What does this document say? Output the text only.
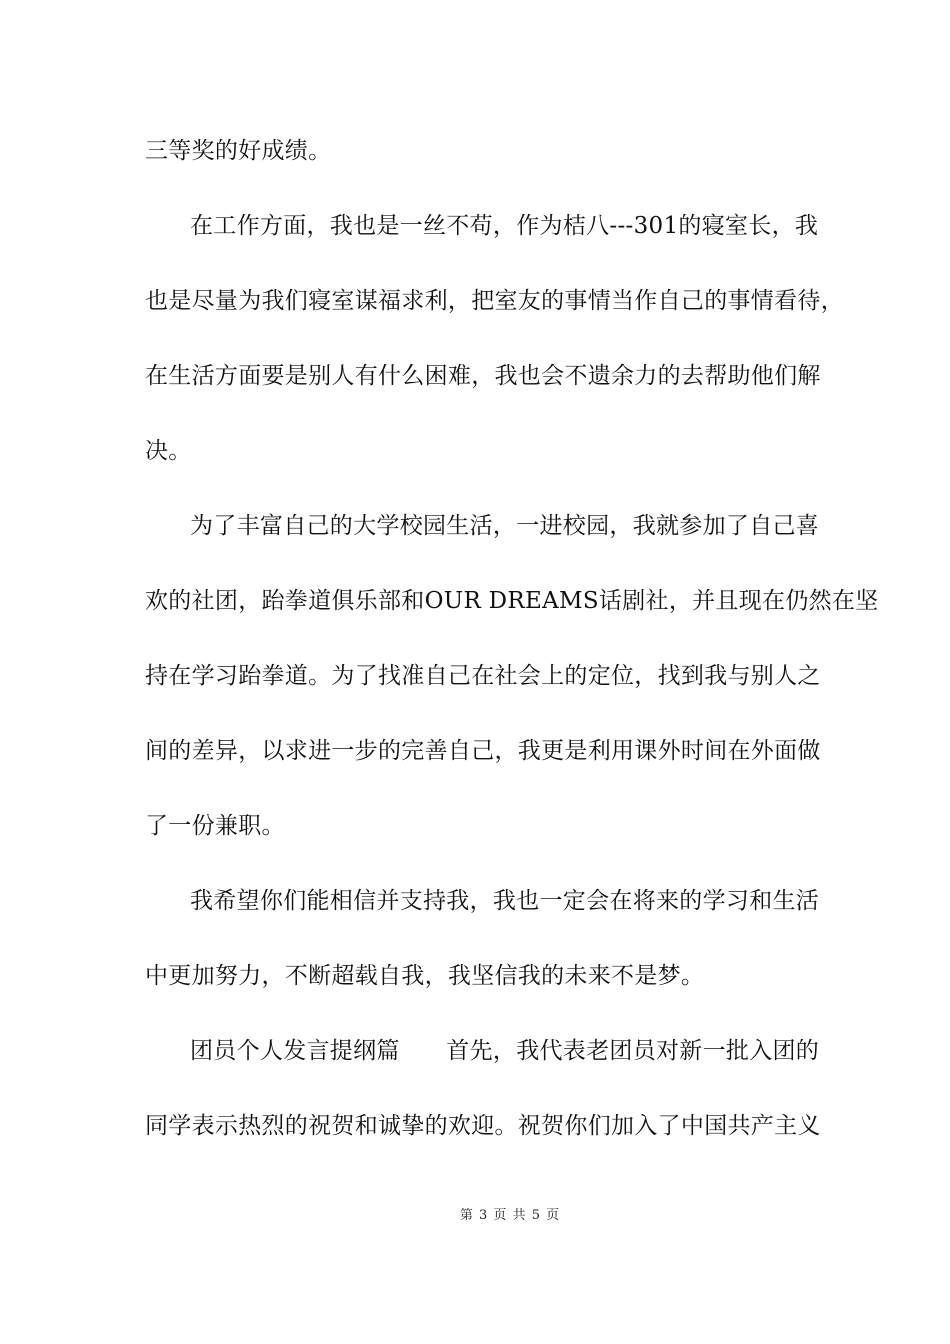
三等奖的好成绩。
在工作方面，我也是一丝不苟，作为桔八---301的寝室长，我
也是尽量为我们寝室谋福求利，把室友的事情当作自己的事情看待，
在生活方面要是别人有什么困难，我也会不遗余力的去帮助他们解
决。
为了丰富自己的大学校园生活，一进校园，我就参加了自己喜
欢的社团，跆拳道俱乐部和OUR DREAMS话剧社，并且现在仍然在坚
持在学习跆拳道。为了找准自己在社会上的定位，找到我与别人之
间的差异，以求进一步的完善自己，我更是利用课外时间在外面做
了一份兼职。
我希望你们能相信并支持我，我也一定会在将来的学习和生活
中更加努力，不断超载自我，我坚信我的未来不是梦。
团员个人发言提纲篇　　首先，我代表老团员对新一批入团的
同学表示热烈的祝贺和诚挚的欢迎。祝贺你们加入了中国共产主义
第 3 页 共 5 页
